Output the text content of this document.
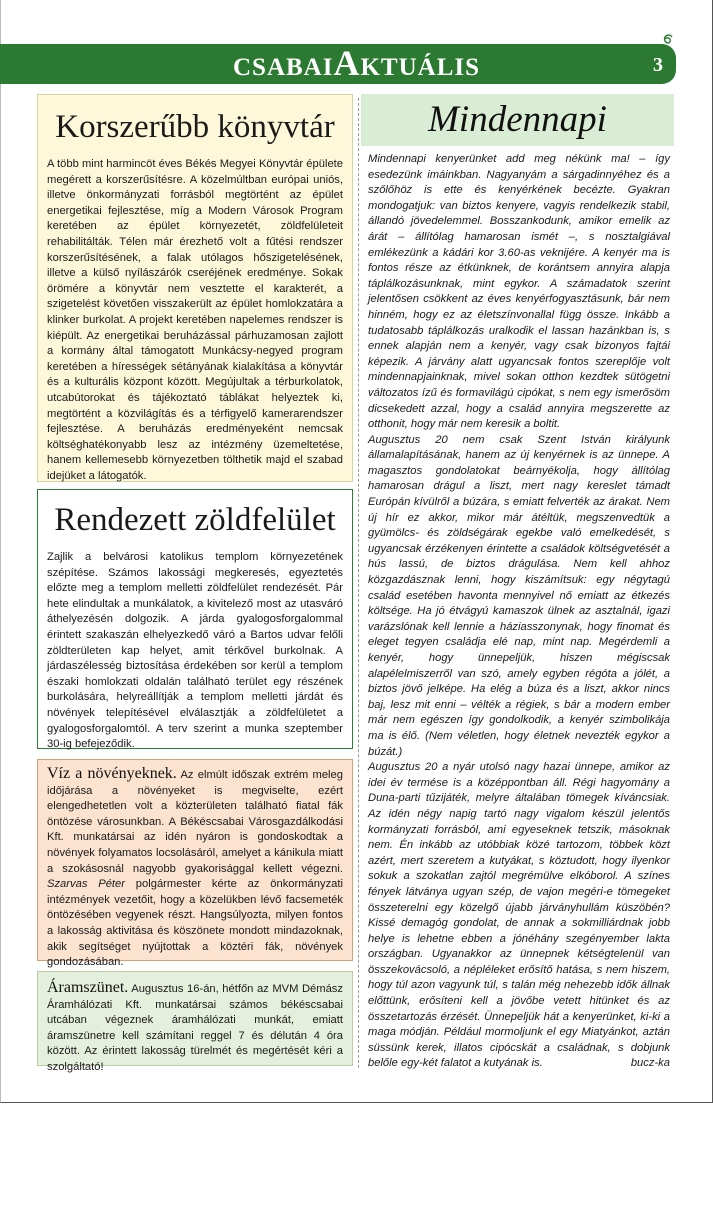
CSABAIAKTUÁLIS	3
Korszerűbb könyvtár

A több mint harmincöt éves Békés Megyei Könyvtár épülete megérett a korszerűsítésre. A közelmúltban európai uniós, illetve önkormányzati forrásból megtörtént az épület energetikai fejlesztése, míg a Modern Városok Program keretében az épület környezetét, zöldfelületeit rehabilitálták. Télen már érezhető volt a fűtési rendszer korszerűsítésének, a falak utólagos hőszigetelésének, illetve a külső nyílászárók cseréjének eredménye. Sokak örömére a könyvtár nem vesztette el karakterét, a szigetelést követően visszakerült az épület homlokzatára a klinker burkolat. A projekt keretében napelemes rendszer is kiépült. Az energetikai beruházással párhuzamosan zajlott a kormány által támogatott Munkácsy-negyed program keretében a hírességek sétányának kialakítása a könyvtár és a kulturális központ között. Megújultak a térburkolatok, utcabútorokat és tájékoztató táblákat helyeztek ki, megtörtént a közvilágítás és a térfigyelő kamerarendszer fejlesztése. A beruházás eredményeként nemcsak költséghatékonyabb lesz az intézmény üzemeltetése, hanem kellemesebb környezetben tölthetik majd el szabad idejüket a látogatók.

Rendezett zöldfelület

Zajlik a belvárosi katolikus templom környezetének szépítése. Számos lakossági megkeresés, egyeztetés előzte meg a templom melletti zöldfelület rendezését. Pár hete elindultak a munkálatok, a kivitelező most az utasváró áthelyezésén dolgozik. A járda gyalogosforgalommal érintett szakaszán elhelyezkedő váró a Bartos udvar felőli zöldterületen kap helyet, amit térkővel burkolnak. A járdaszélesség biztosítása érdekében sor kerül a templom északi homlokzati oldalán található terület egy részének burkolására, helyreállítják a templom melletti járdát és növények telepítésével elválasztják a zöldfelületet a gyalogosforgalomtól. A terv szerint a munka szeptember 30-ig befejeződik.

Víz a növényeknek. Az elmúlt időszak extrém meleg időjárása a növényeket is megviselte, ezért elengedhetetlen volt a közterületen található fiatal fák öntözése városunkban. A Békéscsabai Városgazdálkodási Kft. munkatársai az idén nyáron is gondoskodtak a növények folyamatos locsolásáról, amelyet a kánikula miatt a szokásosnál nagyobb gyakorisággal kellett végezni. Szarvas Péter polgármester kérte az önkormányzati intézmények vezetőit, hogy a közelükben lévő facsemeték öntözésében vegyenek részt. Hangsúlyozta, milyen fontos a lakosság aktivitása és köszönete mondott mindazoknak, akik segítséget nyújtottak a köztéri fák, növények gondozásában.

Áramszünet. Augusztus 16-án, hétfőn az MVM Démász Áramhálózati Kft. munkatársai számos békéscsabai utcában végeznek áramhálózati munkát, emiatt áramszünetre kell számítani reggel 7 és délután 4 óra között. Az érintett lakosság türelmét és megértését kéri a szolgáltató!

Mindennapi

Mindennapi kenyerünket add meg nékünk ma! – így esedezünk imáinkban. Nagyanyám a sárgadinnyéhez és a szőlőhöz is ette és kenyérkének becézte. Gyakran mondogatjuk: van biztos kenyere, vagyis rendelkezik stabil, állandó jövedelemmel. Bosszankodunk, amikor emelik az árát – állítólag hamarosan ismét –, s nosztalgiával emlékezünk a kádári kor 3.60-as veknijére. A kenyér ma is fontos része az étkünknek, de korántsem annyira alapja táplálkozásunknak, mint egykor. A számadatok szerint jelentősen csökkent az éves kenyérfogyasztásunk, bár nem hinném, hogy ez az életszínvonallal függ össze. Inkább a tudatosabb táplálkozás uralkodik el lassan hazánkban is, s ennek alapján nem a kenyér, vagy csak bizonyos fajtái képezik. A járvány alatt ugyancsak fontos szereplője volt mindennapjainknak, mivel sokan otthon kezdtek sütögetni változatos ízű és formavilágú cipókat, s nem egy ismerősöm dicsekedett azzal, hogy a család annyira megszerette az otthonit, hogy már nem keresik a boltit.

Augusztus 20 nem csak Szent István királyunk államalapításának, hanem az új kenyérnek is az ünnepe. A magasztos gondolatokat beárnyékolja, hogy állítólag hamarosan drágul a liszt, mert nagy kereslet támadt Európán kívülről a búzára, s emiatt felverték az árakat. Nem új hír ez akkor, mikor már átéltük, megszenvedtük a gyümölcs- és zöldségárak egekbe való emelkedését, s ugyancsak érzékenyen érintette a családok költségvetését a hús lassú, de biztos drágulása. Nem kell ahhoz közgazdásznak lenni, hogy kiszámítsuk: egy négytagú család esetében havonta mennyivel nő emiatt az étkezés költsége. Ha jó étvágyú kamaszok ülnek az asztalnál, igazi varázslónak kell lennie a háziasszonynak, hogy finomat és eleget tegyen családja elé nap, mint nap. Megérdemli a kenyér, hogy ünnepeljük, hiszen mégiscsak alapélelmiszerről van szó, amely egyben régóta a jólét, a biztos jövő jelképe. Ha elég a búza és a liszt, akkor nincs baj, lesz mit enni – vélték a régiek, s bár a modern ember már nem egészen így gondolkodik, a kenyér szimbolikája ma is élő. (Nem véletlen, hogy életnek nevezték egykor a búzát.)

Augusztus 20 a nyár utolsó nagy hazai ünnepe, amikor az idei év termése is a középpontban áll. Régi hagyomány a Duna-parti tűzijáték, melyre általában tömegek kíváncsiak. Az idén négy napig tartó nagy vigalom készül jelentős kormányzati forrásból, ami egyeseknek tetszik, másoknak nem. Én inkább az utóbbiak közé tartozom, többek közt azért, mert szeretem a kutyákat, s köztudott, hogy ilyenkor sokuk a szokatlan zajtól megrémülve elkóborol. A színes fények látványa ugyan szép, de vajon megéri-e tömegeket összeterelni egy közelgő újabb járványhullám küszöbén? Kissé demagóg gondolat, de annak a sokmilliárdnak jobb helye is lehetne ebben a jónéhány szegényember lakta országban. Ugyanakkor az ünnepnek kétségtelenül van összekovácsoló, a népléleket erősítő hatása, s nem hiszem, hogy túl azon vagyunk túl, s talán még nehezebb idők állnak előttünk, erősíteni kell a jövőbe vetett hitünket és az összetartozás érzését. Ünnepeljük hát a kenyerünket, ki-ki a maga módján. Például mormoljunk el egy Miatyánkot, aztán süssünk kerek, illatos cipócskát a családnak, s dobjunk belőle egy-két falatot a kutyának is.	bucz-ka
